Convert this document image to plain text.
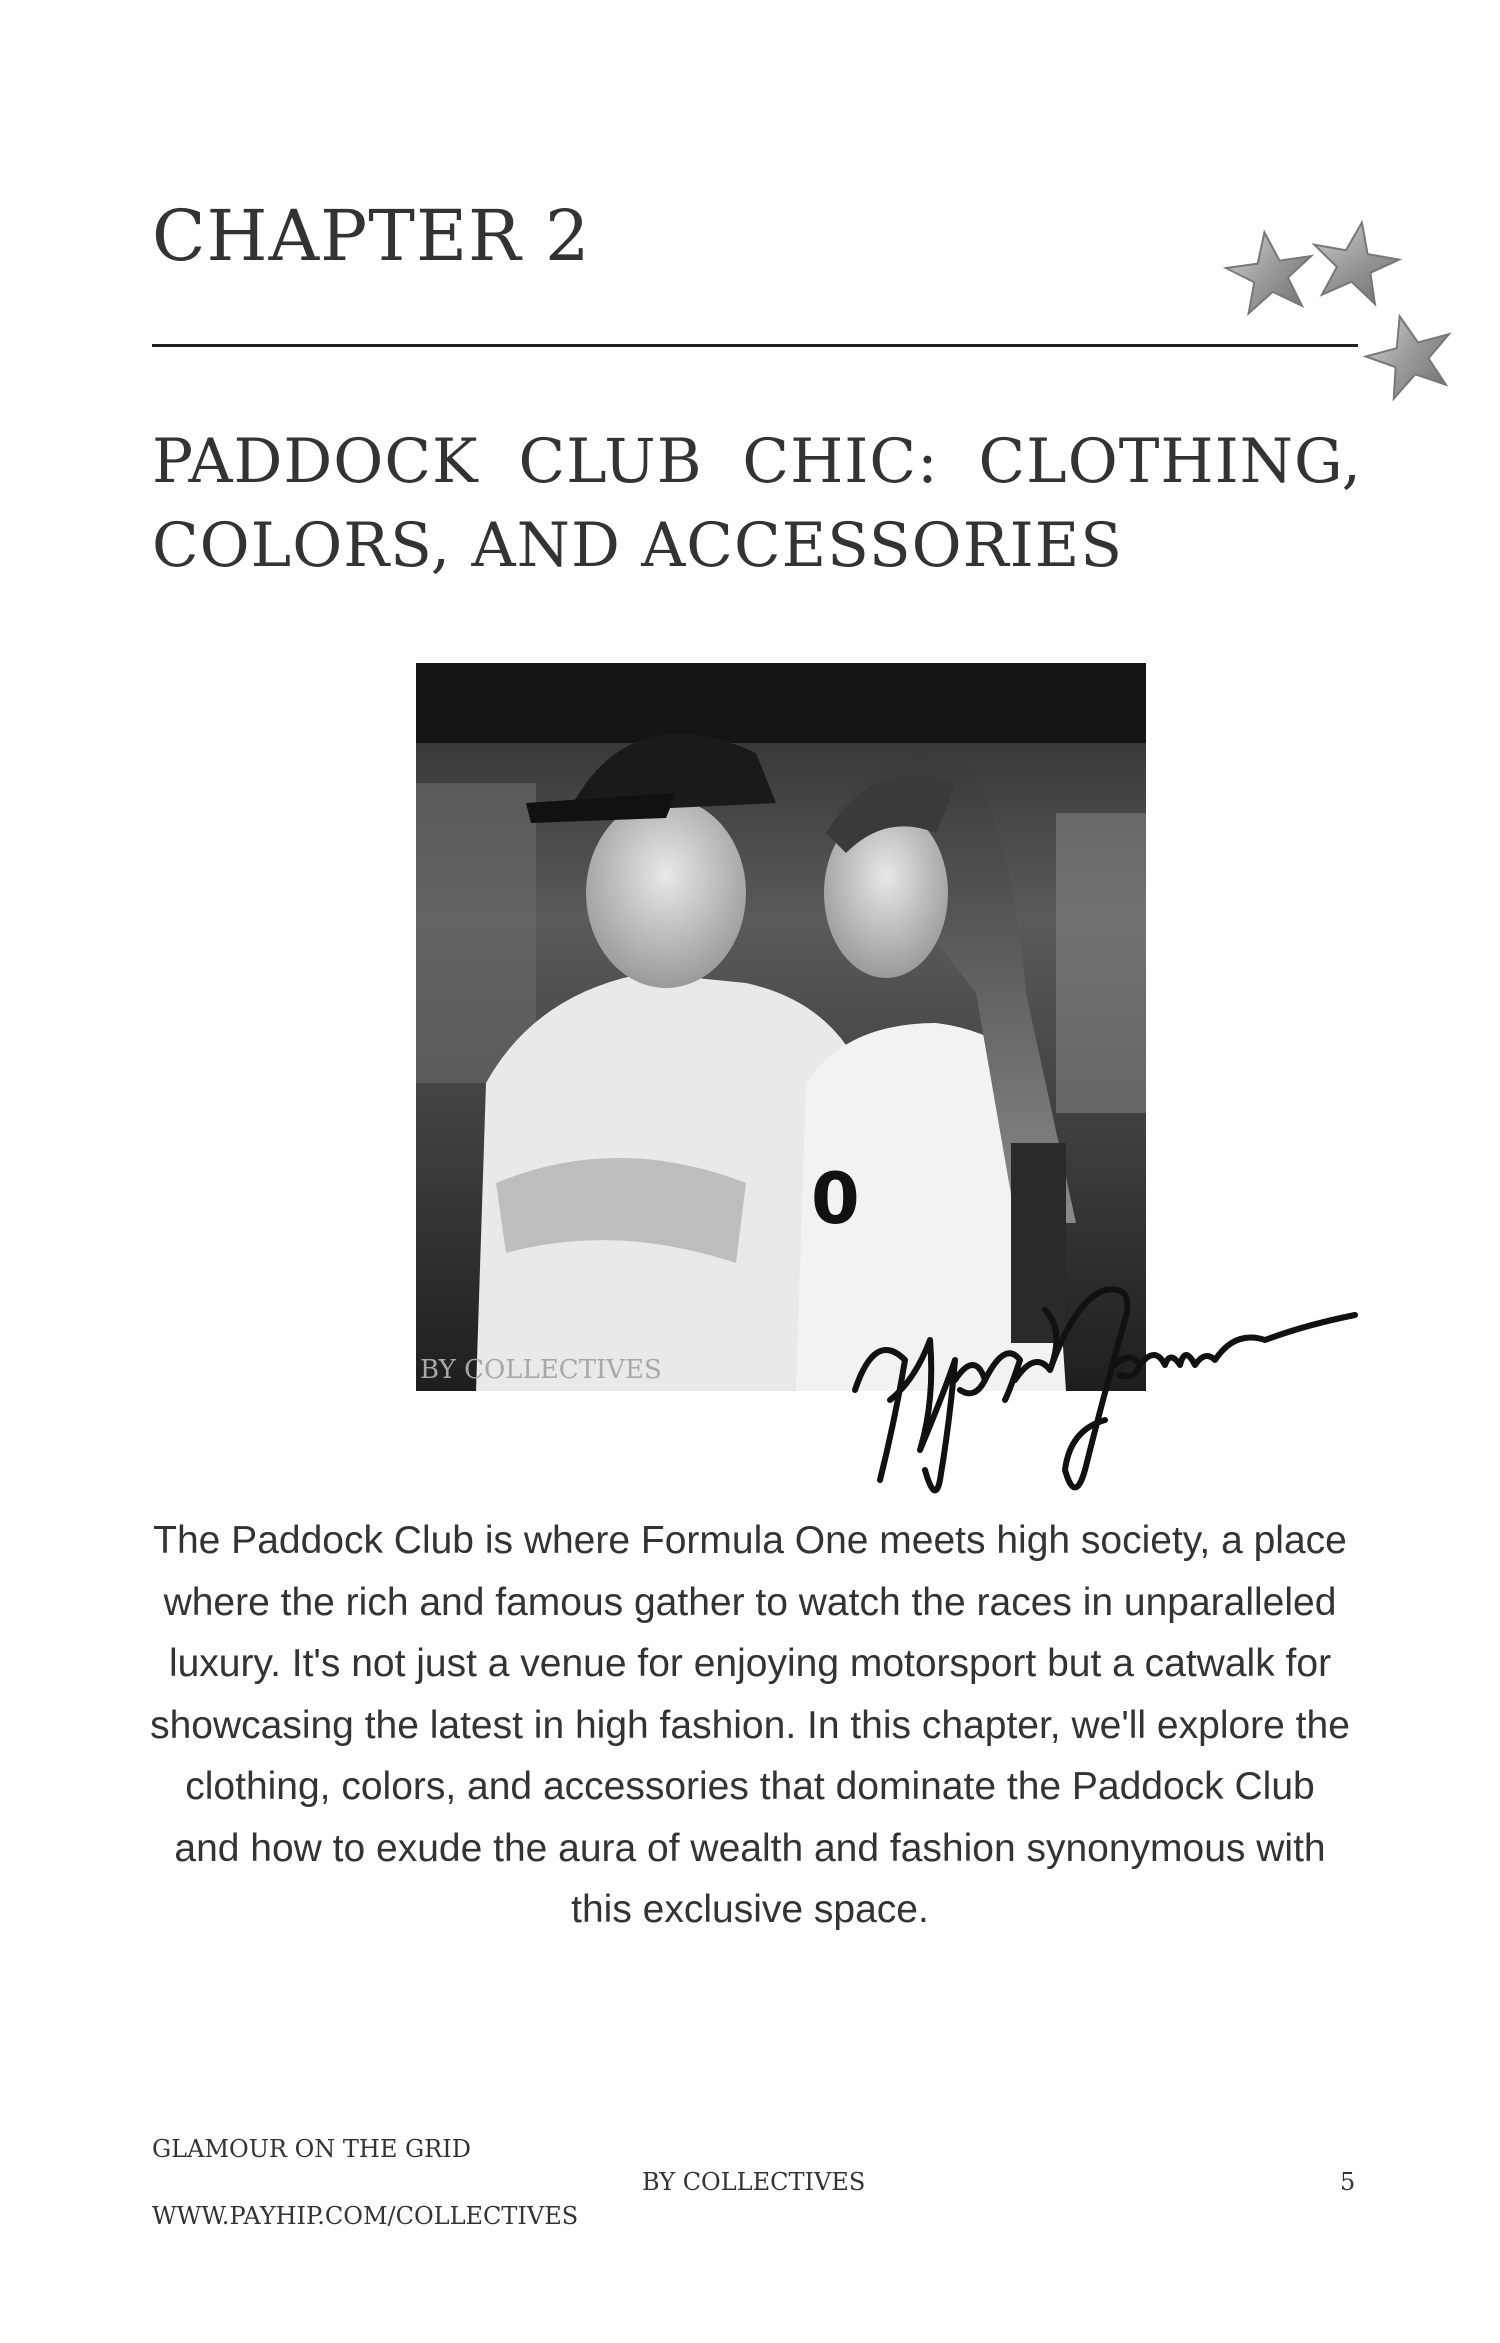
CHAPTER 2
PADDOCK CLUB CHIC: CLOTHING, COLORS, AND ACCESSORIES
0
BY COLLECTIVES
The Paddock Club is where Formula One meets high society, a place where the rich and famous gather to watch the races in unparalleled luxury. It's not just a venue for enjoying motorsport but a catwalk for showcasing the latest in high fashion. In this chapter, we'll explore the clothing, colors, and accessories that dominate the Paddock Club and how to exude the aura of wealth and fashion synonymous with this exclusive space.
GLAMOUR ON THE GRID
BY COLLECTIVES	5
WWW.PAYHIP.COM/COLLECTIVES
